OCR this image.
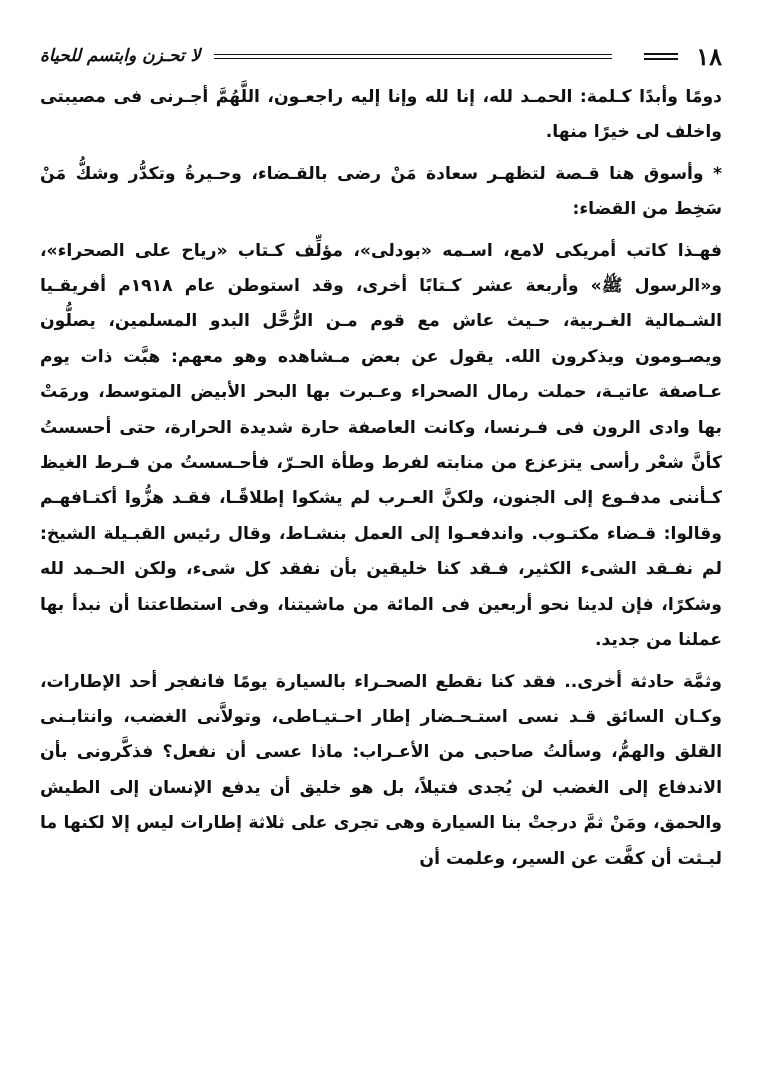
١٨
لا تحـزن وابتسم للحياة

دومًا وأبدًا كـلمة: الحمـد لله، إنا لله وإنا إليه راجعـون، اللَّهُمَّ أجـرنى فى مصيبتى واخلف لى خيرًا منها.

* وأسوق هنا قـصة لتظهـر سعادة مَنْ رضى بالقـضاء، وحـيرةُ وتكدُّر وشكُّ مَنْ سَخِط من القضاء:

فهـذا كاتب أمريكى لامع، اسـمه «بودلى»، مؤلِّف كـتاب «رياح على الصحراء»، و«الرسول ﷺ» وأربعة عشر كـتابًا أخرى، وقد استوطن عام ١٩١٨م أفريقـيا الشـمالية الغـربية، حـيث عاش مع قوم مـن الرُّحَّل البدو المسلمين، يصلُّون ويصـومون ويذكرون الله. يقول عن بعض مـشاهده وهو معهم: هبَّت ذات يوم عـاصفة عاتيـة، حملت رمال الصحراء وعـبرت بها البحر الأبيض المتوسط، ورمَتْ بها وادى الرون فى فـرنسا، وكانت العاصفة حارة شديدة الحرارة، حتى أحسستُ كأنَّ شعْر رأسى يتزعزع من منابته لفرط وطأة الحـرّ، فأحـسستُ من فـرط الغيظ كـأننى مدفـوع إلى الجنون، ولكنَّ العـرب لم يشكوا إطلاقًـا، فقـد هزُّوا أكتـافهـم وقالوا: قـضاء مكتـوب. واندفعـوا إلى العمل بنشـاط، وقال رئيس القبـيلة الشيخ: لم نفـقد الشىء الكثير، فـقد كنا خليقين بأن نفقد كل شىء، ولكن الحـمد لله وشكرًا، فإن لدينا نحو أربعين فى المائة من ماشيتنا، وفى استطاعتنا أن نبدأ بها عملنا من جديد.

وثمَّة حادثة أخرى.. فقد كنا نقطع الصحـراء بالسيارة يومًا فانفجر أحد الإطارات، وكـان السائق قـد نسى استـحـضار إطار احـتيـاطى، وتولاَّنى الغضب، وانتابـنى القلق والهمُّ، وسألتُ صاحبى من الأعـراب: ماذا عسى أن نفعل؟ فذكَّرونى بأن الاندفاع إلى الغضب لن يُجدى فتيلاً، بل هو خليق أن يدفع الإنسان إلى الطيش والحمق، ومَنْ ثمَّ درجتْ بنا السيارة وهى تجرى على ثلاثة إطارات ليس إلا لكنها ما لبـثت أن كفَّت عن السير، وعلمت أن
